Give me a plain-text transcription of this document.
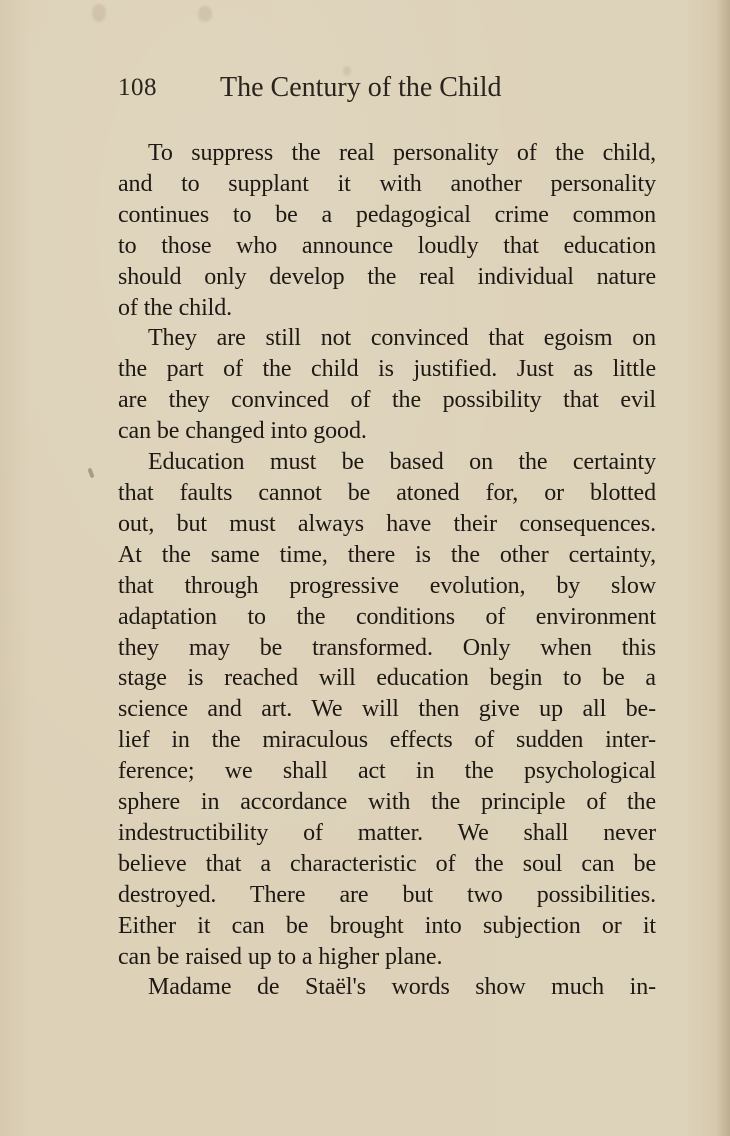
108 The Century of the Child

To suppress the real personality of the child,
and to supplant it with another personality
continues to be a pedagogical crime common
to those who announce loudly that education
should only develop the real individual nature
of the child.

They are still not convinced that egoism on
the part of the child is justified. Just as little
are they convinced of the possibility that evil
can be changed into good.

Education must be based on the certainty
that faults cannot be atoned for, or blotted
out, but must always have their consequences.
At the same time, there is the other certainty,
that through progressive evolution, by slow
adaptation to the conditions of environment
they may be transformed. Only when this
stage is reached will education begin to be a
science and art. We will then give up all be-
lief in the miraculous effects of sudden inter-
ference; we shall act in the psychological
sphere in accordance with the principle of the
indestructibility of matter. We shall never
believe that a characteristic of the soul can be
destroyed. There are but two possibilities.
Either it can be brought into subjection or it
can be raised up to a higher plane.

Madame de Staël's words show much in-
